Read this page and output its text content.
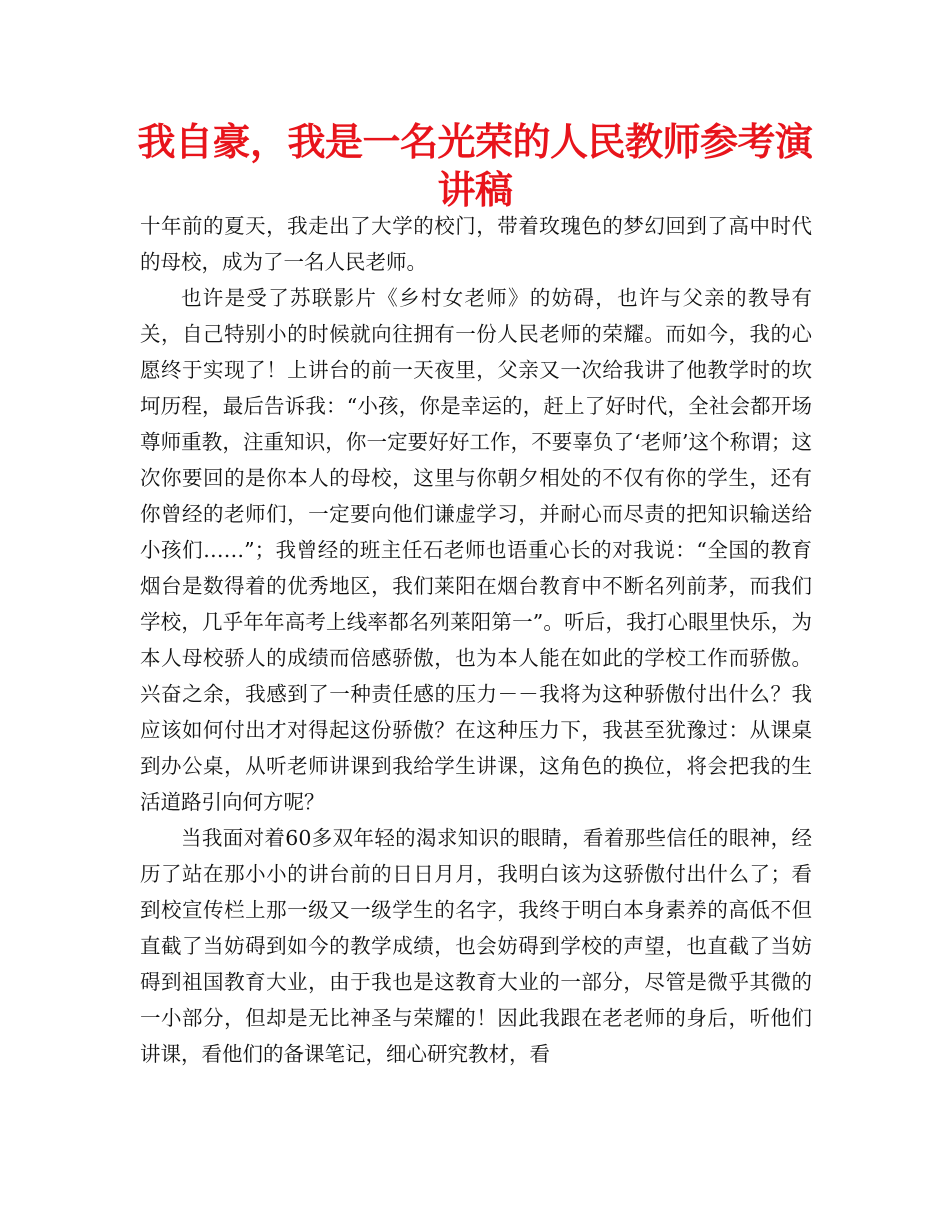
我自豪，我是一名光荣的人民教师参考演讲稿

十年前的夏天，我走出了大学的校门，带着玫瑰色的梦幻回到了高中时代的母校，成为了一名人民老师。

也许是受了苏联影片《乡村女老师》的妨碍，也许与父亲的教导有关，自己特别小的时候就向往拥有一份人民老师的荣耀。而如今，我的心愿终于实现了！上讲台的前一天夜里，父亲又一次给我讲了他教学时的坎坷历程，最后告诉我：“小孩，你是幸运的，赶上了好时代，全社会都开场尊师重教，注重知识，你一定要好好工作，不要辜负了‘老师’这个称谓；这次你要回的是你本人的母校，这里与你朝夕相处的不仅有你的学生，还有你曾经的老师们，一定要向他们谦虚学习，并耐心而尽责的把知识输送给小孩们……”；我曾经的班主任石老师也语重心长的对我说：“全国的教育烟台是数得着的优秀地区，我们莱阳在烟台教育中不断名列前茅，而我们学校，几乎年年高考上线率都名列莱阳第一”。听后，我打心眼里快乐，为本人母校骄人的成绩而倍感骄傲，也为本人能在如此的学校工作而骄傲。兴奋之余，我感到了一种责任感的压力－－我将为这种骄傲付出什么？我应该如何付出才对得起这份骄傲？在这种压力下，我甚至犹豫过：从课桌到办公桌，从听老师讲课到我给学生讲课，这角色的换位，将会把我的生活道路引向何方呢？

当我面对着60多双年轻的渴求知识的眼睛，看着那些信任的眼神，经历了站在那小小的讲台前的日日月月，我明白该为这骄傲付出什么了；看到校宣传栏上那一级又一级学生的名字，我终于明白本身素养的高低不但直截了当妨碍到如今的教学成绩，也会妨碍到学校的声望，也直截了当妨碍到祖国教育大业，由于我也是这教育大业的一部分，尽管是微乎其微的一小部分，但却是无比神圣与荣耀的！因此我跟在老老师的身后，听他们讲课，看他们的备课笔记，细心研究教材，看
